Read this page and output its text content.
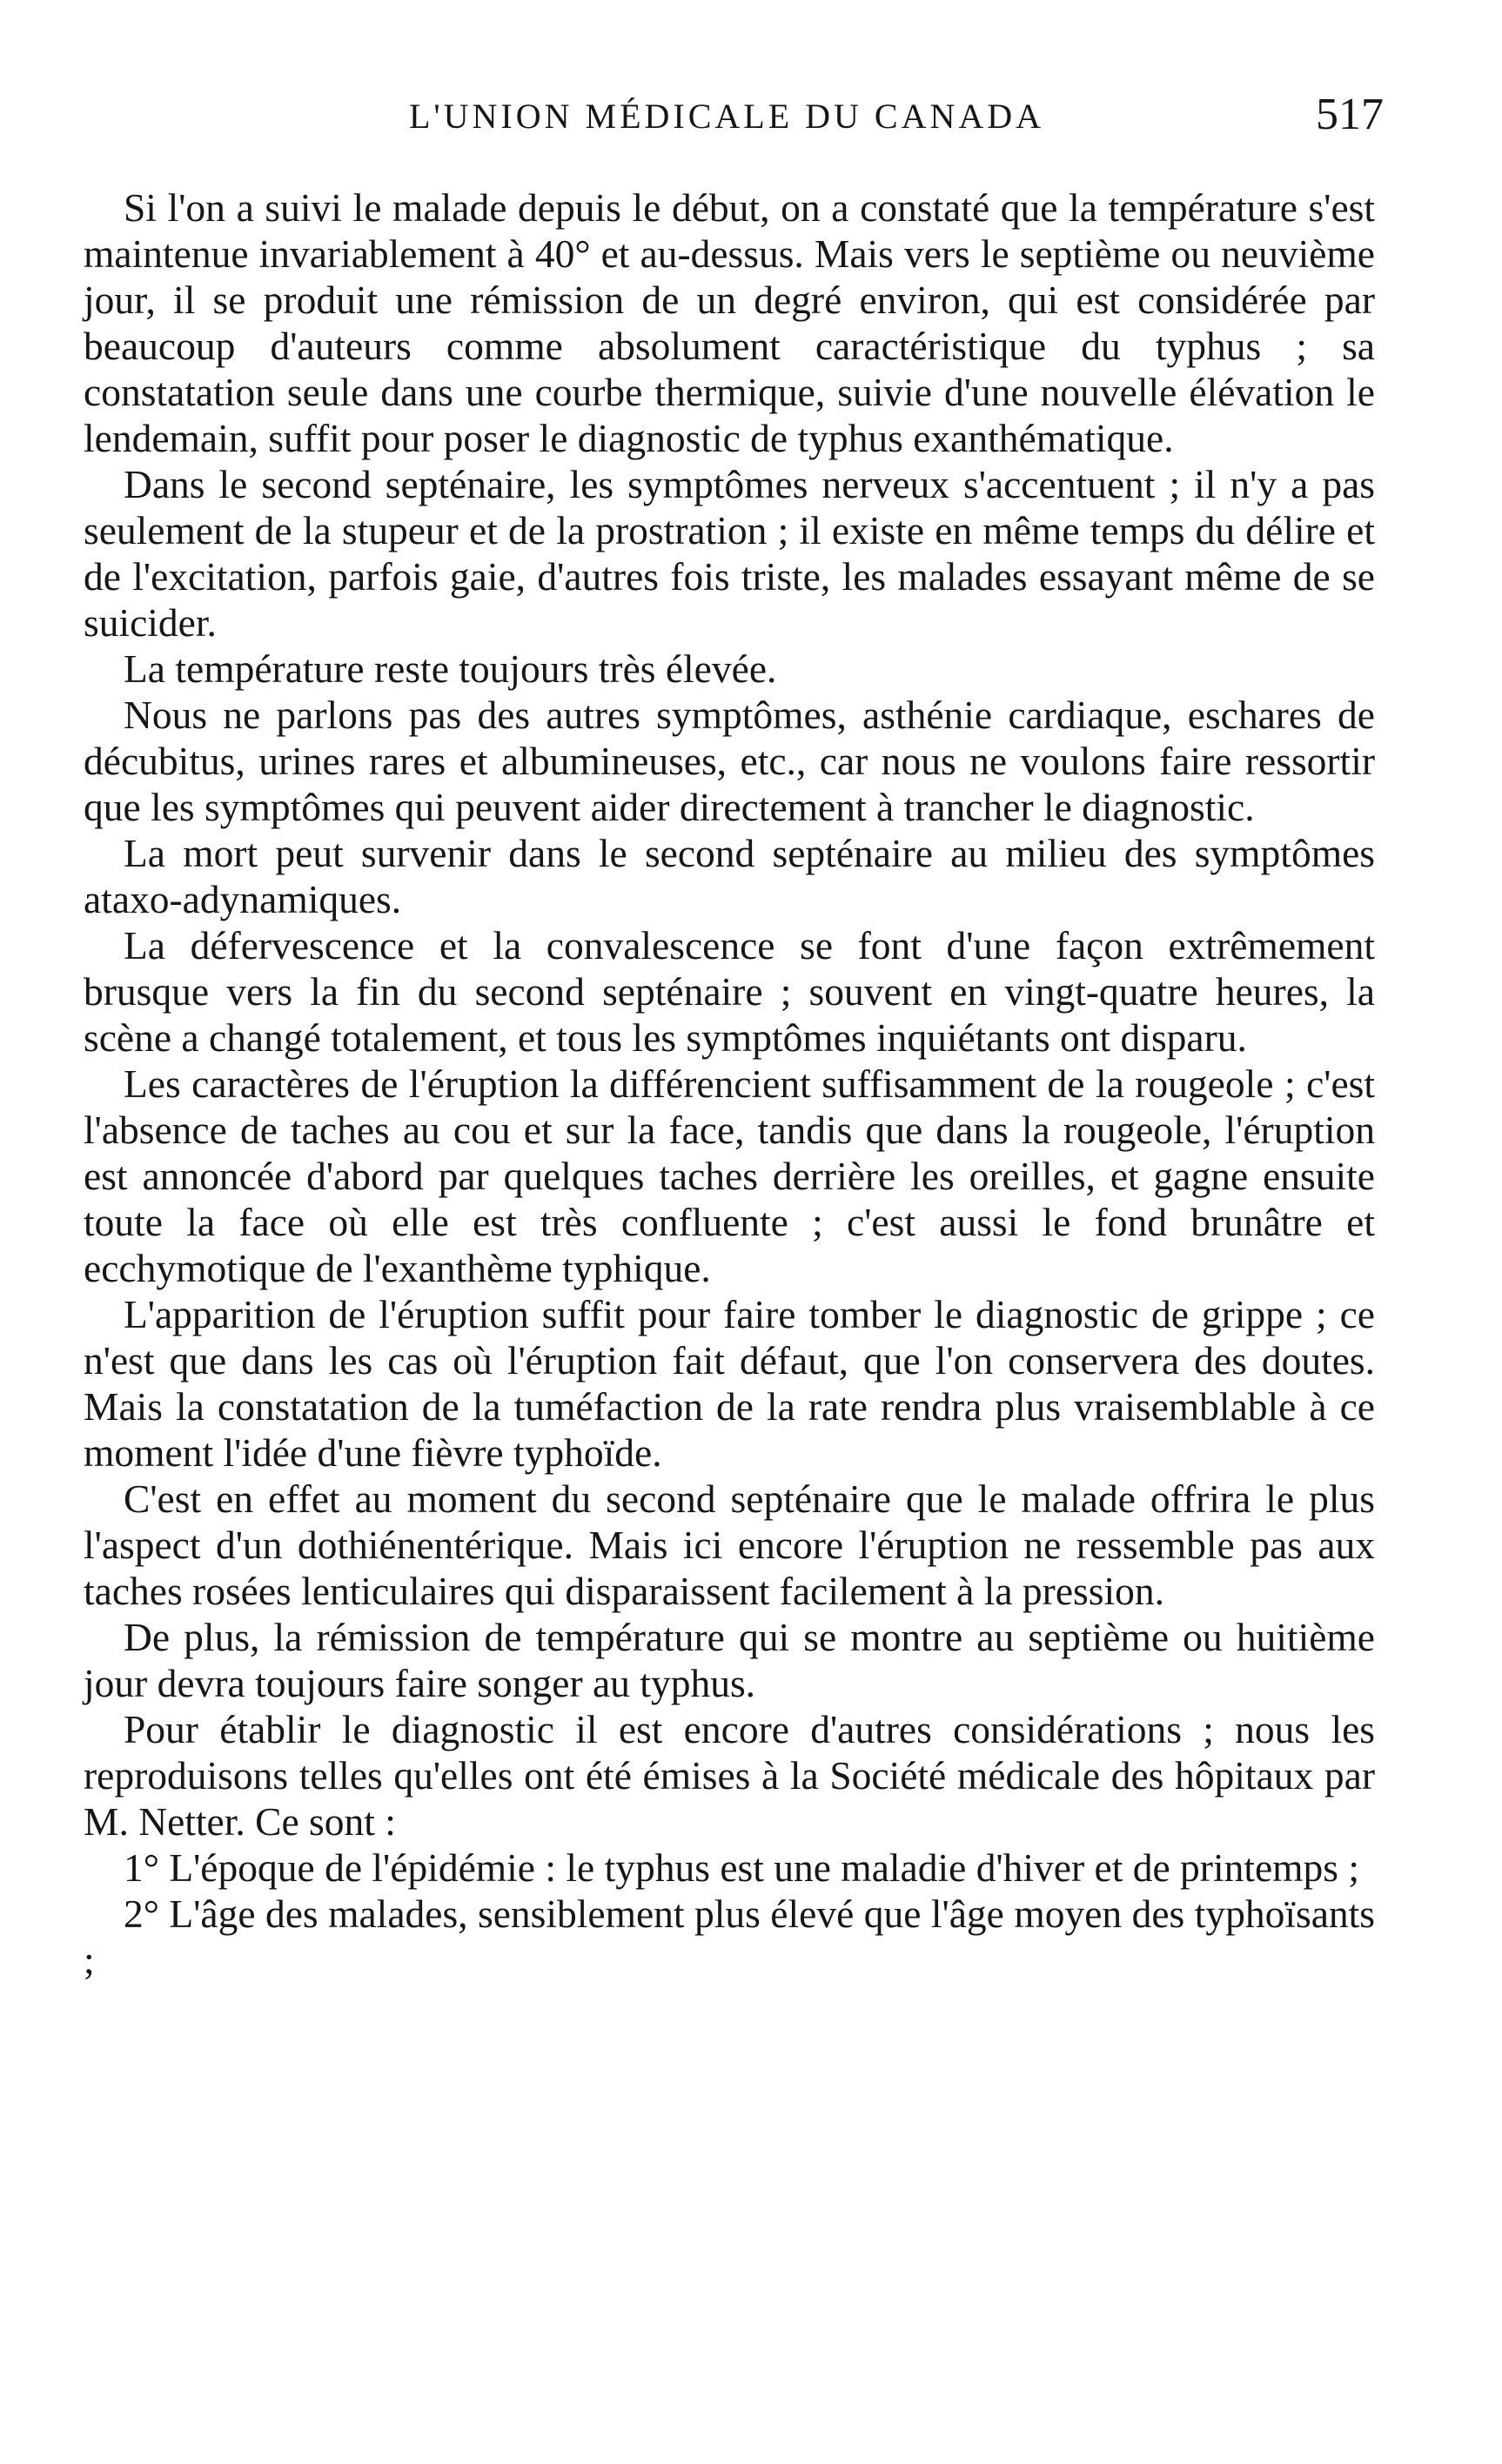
L'UNION MÉDICALE DU CANADA	517

Si l'on a suivi le malade depuis le début, on a constaté que la température s'est maintenue invariablement à 40° et au-dessus. Mais vers le septième ou neuvième jour, il se produit une rémission de un degré environ, qui est considérée par beaucoup d'auteurs comme absolument caractéristique du typhus ; sa constatation seule dans une courbe thermique, suivie d'une nouvelle élévation le lendemain, suffit pour poser le diagnostic de typhus exanthématique.

Dans le second septénaire, les symptômes nerveux s'accentuent ; il n'y a pas seulement de la stupeur et de la prostration ; il existe en même temps du délire et de l'excitation, parfois gaie, d'autres fois triste, les malades essayant même de se suicider.

La température reste toujours très élevée.

Nous ne parlons pas des autres symptômes, asthénie cardiaque, eschares de décubitus, urines rares et albumineuses, etc., car nous ne voulons faire ressortir que les symptômes qui peuvent aider directement à trancher le diagnostic.

La mort peut survenir dans le second septénaire au milieu des symptômes ataxo-adynamiques.

La défervescence et la convalescence se font d'une façon extrêmement brusque vers la fin du second septénaire ; souvent en vingt-quatre heures, la scène a changé totalement, et tous les symptômes inquiétants ont disparu.

Les caractères de l'éruption la différencient suffisamment de la rougeole ; c'est l'absence de taches au cou et sur la face, tandis que dans la rougeole, l'éruption est annoncée d'abord par quelques taches derrière les oreilles, et gagne ensuite toute la face où elle est très confluente ; c'est aussi le fond brunâtre et ecchymotique de l'exanthème typhique.

L'apparition de l'éruption suffit pour faire tomber le diagnostic de grippe ; ce n'est que dans les cas où l'éruption fait défaut, que l'on conservera des doutes. Mais la constatation de la tuméfaction de la rate rendra plus vraisemblable à ce moment l'idée d'une fièvre typhoïde.

C'est en effet au moment du second septénaire que le malade offrira le plus l'aspect d'un dothiénentérique. Mais ici encore l'éruption ne ressemble pas aux taches rosées lenticulaires qui disparaissent facilement à la pression.

De plus, la rémission de température qui se montre au septième ou huitième jour devra toujours faire songer au typhus.

Pour établir le diagnostic il est encore d'autres considérations ; nous les reproduisons telles qu'elles ont été émises à la Société médicale des hôpitaux par M. Netter. Ce sont :

1° L'époque de l'épidémie : le typhus est une maladie d'hiver et de printemps ;

2° L'âge des malades, sensiblement plus élevé que l'âge moyen des typhoïsants ;
